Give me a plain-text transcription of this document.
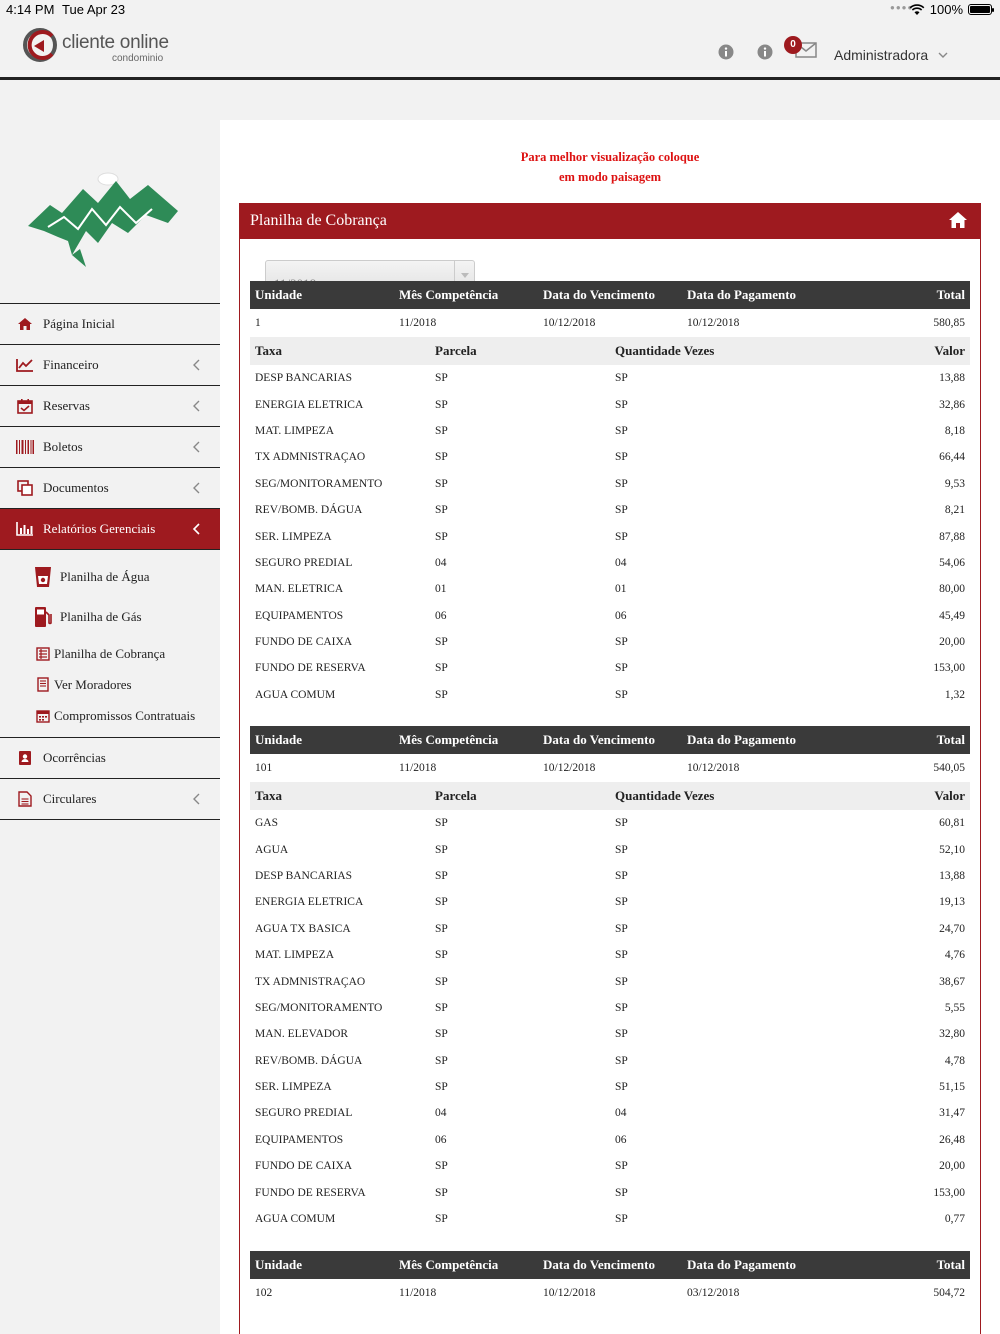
4:14 PM Tue Apr 23	●●●● 100%
cliente online
condominio
0
Administradora
Página Inicial
Financeiro
Reservas
Boletos
Documentos
Relatórios Gerenciais
Planilha de Água
Planilha de Gás
Planilha de Cobrança
Ver Moradores
Compromissos Contratuais
Ocorrências
Circulares
Para melhor visualização coloque
em modo paisagem
Planilha de Cobrança
Unidade	Mês Competência	Data do Vencimento	Data do Pagamento	Total
1	11/2018	10/12/2018	10/12/2018	580,85
Taxa	Parcela	Quantidade Vezes	Valor
DESP BANCARIAS	SP	SP	13,88
ENERGIA ELETRICA	SP	SP	32,86
MAT. LIMPEZA	SP	SP	8,18
TX ADMNISTRAÇAO	SP	SP	66,44
SEG/MONITORAMENTO	SP	SP	9,53
REV/BOMB. DÁGUA	SP	SP	8,21
SER. LIMPEZA	SP	SP	87,88
SEGURO PREDIAL	04	04	54,06
MAN. ELETRICA	01	01	80,00
EQUIPAMENTOS	06	06	45,49
FUNDO DE CAIXA	SP	SP	20,00
FUNDO DE RESERVA	SP	SP	153,00
AGUA COMUM	SP	SP	1,32
Unidade	Mês Competência	Data do Vencimento	Data do Pagamento	Total
101	11/2018	10/12/2018	10/12/2018	540,05
Taxa	Parcela	Quantidade Vezes	Valor
GAS	SP	SP	60,81
AGUA	SP	SP	52,10
DESP BANCARIAS	SP	SP	13,88
ENERGIA ELETRICA	SP	SP	19,13
AGUA TX BASICA	SP	SP	24,70
MAT. LIMPEZA	SP	SP	4,76
TX ADMNISTRAÇAO	SP	SP	38,67
SEG/MONITORAMENTO	SP	SP	5,55
MAN. ELEVADOR	SP	SP	32,80
REV/BOMB. DÁGUA	SP	SP	4,78
SER. LIMPEZA	SP	SP	51,15
SEGURO PREDIAL	04	04	31,47
EQUIPAMENTOS	06	06	26,48
FUNDO DE CAIXA	SP	SP	20,00
FUNDO DE RESERVA	SP	SP	153,00
AGUA COMUM	SP	SP	0,77
Unidade	Mês Competência	Data do Vencimento	Data do Pagamento	Total
102	11/2018	10/12/2018	03/12/2018	504,72
